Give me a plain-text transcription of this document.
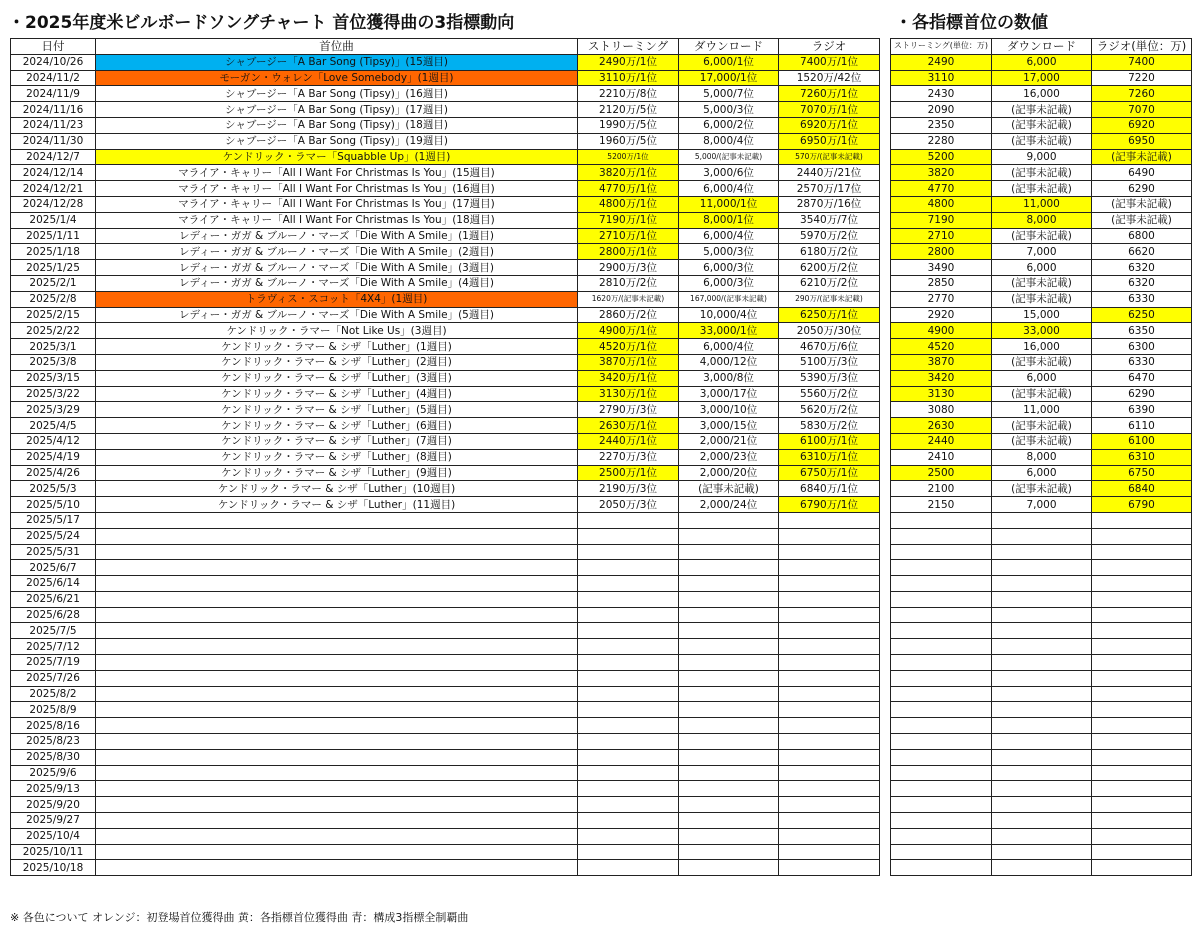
・2025年度米ビルボードソングチャート 首位獲得曲の3指標動向	・各指標首位の数値
日付	首位曲	ストリーミング	ダウンロード	ラジオ
2024/10/26	シャブージー「A Bar Song (Tipsy)」(15週目)	2490万/1位	6,000/1位	7400万/1位
2024/11/2	モーガン・ウォレン「Love Somebody」(1週目)	3110万/1位	17,000/1位	1520万/42位
2024/11/9	シャブージー「A Bar Song (Tipsy)」(16週目)	2210万/8位	5,000/7位	7260万/1位
2024/11/16	シャブージー「A Bar Song (Tipsy)」(17週目)	2120万/5位	5,000/3位	7070万/1位
2024/11/23	シャブージー「A Bar Song (Tipsy)」(18週目)	1990万/5位	6,000/2位	6920万/1位
2024/11/30	シャブージー「A Bar Song (Tipsy)」(19週目)	1960万/5位	8,000/4位	6950万/1位
2024/12/7	ケンドリック・ラマー「Squabble Up」(1週目)	5200万/1位	5,000/(記事未記載)	570万/(記事未記載)
2024/12/14	マライア・キャリー「All I Want For Christmas Is You」(15週目)	3820万/1位	3,000/6位	2440万/21位
2024/12/21	マライア・キャリー「All I Want For Christmas Is You」(16週目)	4770万/1位	6,000/4位	2570万/17位
2024/12/28	マライア・キャリー「All I Want For Christmas Is You」(17週目)	4800万/1位	11,000/1位	2870万/16位
2025/1/4	マライア・キャリー「All I Want For Christmas Is You」(18週目)	7190万/1位	8,000/1位	3540万/7位
2025/1/11	レディー・ガガ & ブルーノ・マーズ「Die With A Smile」(1週目)	2710万/1位	6,000/4位	5970万/2位
2025/1/18	レディー・ガガ & ブルーノ・マーズ「Die With A Smile」(2週目)	2800万/1位	5,000/3位	6180万/2位
2025/1/25	レディー・ガガ & ブルーノ・マーズ「Die With A Smile」(3週目)	2900万/3位	6,000/3位	6200万/2位
2025/2/1	レディー・ガガ & ブルーノ・マーズ「Die With A Smile」(4週目)	2810万/2位	6,000/3位	6210万/2位
2025/2/8	トラヴィス・スコット「4X4」(1週目)	1620万/(記事未記載)	167,000/(記事未記載)	290万/(記事未記載)
2025/2/15	レディー・ガガ & ブルーノ・マーズ「Die With A Smile」(5週目)	2860万/2位	10,000/4位	6250万/1位
2025/2/22	ケンドリック・ラマー「Not Like Us」(3週目)	4900万/1位	33,000/1位	2050万/30位
2025/3/1	ケンドリック・ラマー & シザ「Luther」(1週目)	4520万/1位	6,000/4位	4670万/6位
2025/3/8	ケンドリック・ラマー & シザ「Luther」(2週目)	3870万/1位	4,000/12位	5100万/3位
2025/3/15	ケンドリック・ラマー & シザ「Luther」(3週目)	3420万/1位	3,000/8位	5390万/3位
2025/3/22	ケンドリック・ラマー & シザ「Luther」(4週目)	3130万/1位	3,000/17位	5560万/2位
2025/3/29	ケンドリック・ラマー & シザ「Luther」(5週目)	2790万/3位	3,000/10位	5620万/2位
2025/4/5	ケンドリック・ラマー & シザ「Luther」(6週目)	2630万/1位	3,000/15位	5830万/2位
2025/4/12	ケンドリック・ラマー & シザ「Luther」(7週目)	2440万/1位	2,000/21位	6100万/1位
2025/4/19	ケンドリック・ラマー & シザ「Luther」(8週目)	2270万/3位	2,000/23位	6310万/1位
2025/4/26	ケンドリック・ラマー & シザ「Luther」(9週目)	2500万/1位	2,000/20位	6750万/1位
2025/5/3	ケンドリック・ラマー & シザ「Luther」(10週目)	2190万/3位	(記事未記載)	6840万/1位
2025/5/10	ケンドリック・ラマー & シザ「Luther」(11週目)	2050万/3位	2,000/24位	6790万/1位
2025/5/17				
2025/5/24				
2025/5/31				
2025/6/7				
2025/6/14				
2025/6/21				
2025/6/28				
2025/7/5				
2025/7/12				
2025/7/19				
2025/7/26				
2025/8/2				
2025/8/9				
2025/8/16				
2025/8/23				
2025/8/30				
2025/9/6				
2025/9/13				
2025/9/20				
2025/9/27				
2025/10/4				
2025/10/11				
2025/10/18				
ストリーミング(単位：万)	ダウンロード	ラジオ(単位：万)
2490	6,000	7400
3110	17,000	7220
2430	16,000	7260
2090	(記事未記載)	7070
2350	(記事未記載)	6920
2280	(記事未記載)	6950
5200	9,000	(記事未記載)
3820	(記事未記載)	6490
4770	(記事未記載)	6290
4800	11,000	(記事未記載)
7190	8,000	(記事未記載)
2710	(記事未記載)	6800
2800	7,000	6620
3490	6,000	6320
2850	(記事未記載)	6320
2770	(記事未記載)	6330
2920	15,000	6250
4900	33,000	6350
4520	16,000	6300
3870	(記事未記載)	6330
3420	6,000	6470
3130	(記事未記載)	6290
3080	11,000	6390
2630	(記事未記載)	6110
2440	(記事未記載)	6100
2410	8,000	6310
2500	6,000	6750
2100	(記事未記載)	6840
2150	7,000	6790

※ 各色について オレンジ：初登場首位獲得曲 黄：各指標首位獲得曲 青：構成3指標全制覇曲
